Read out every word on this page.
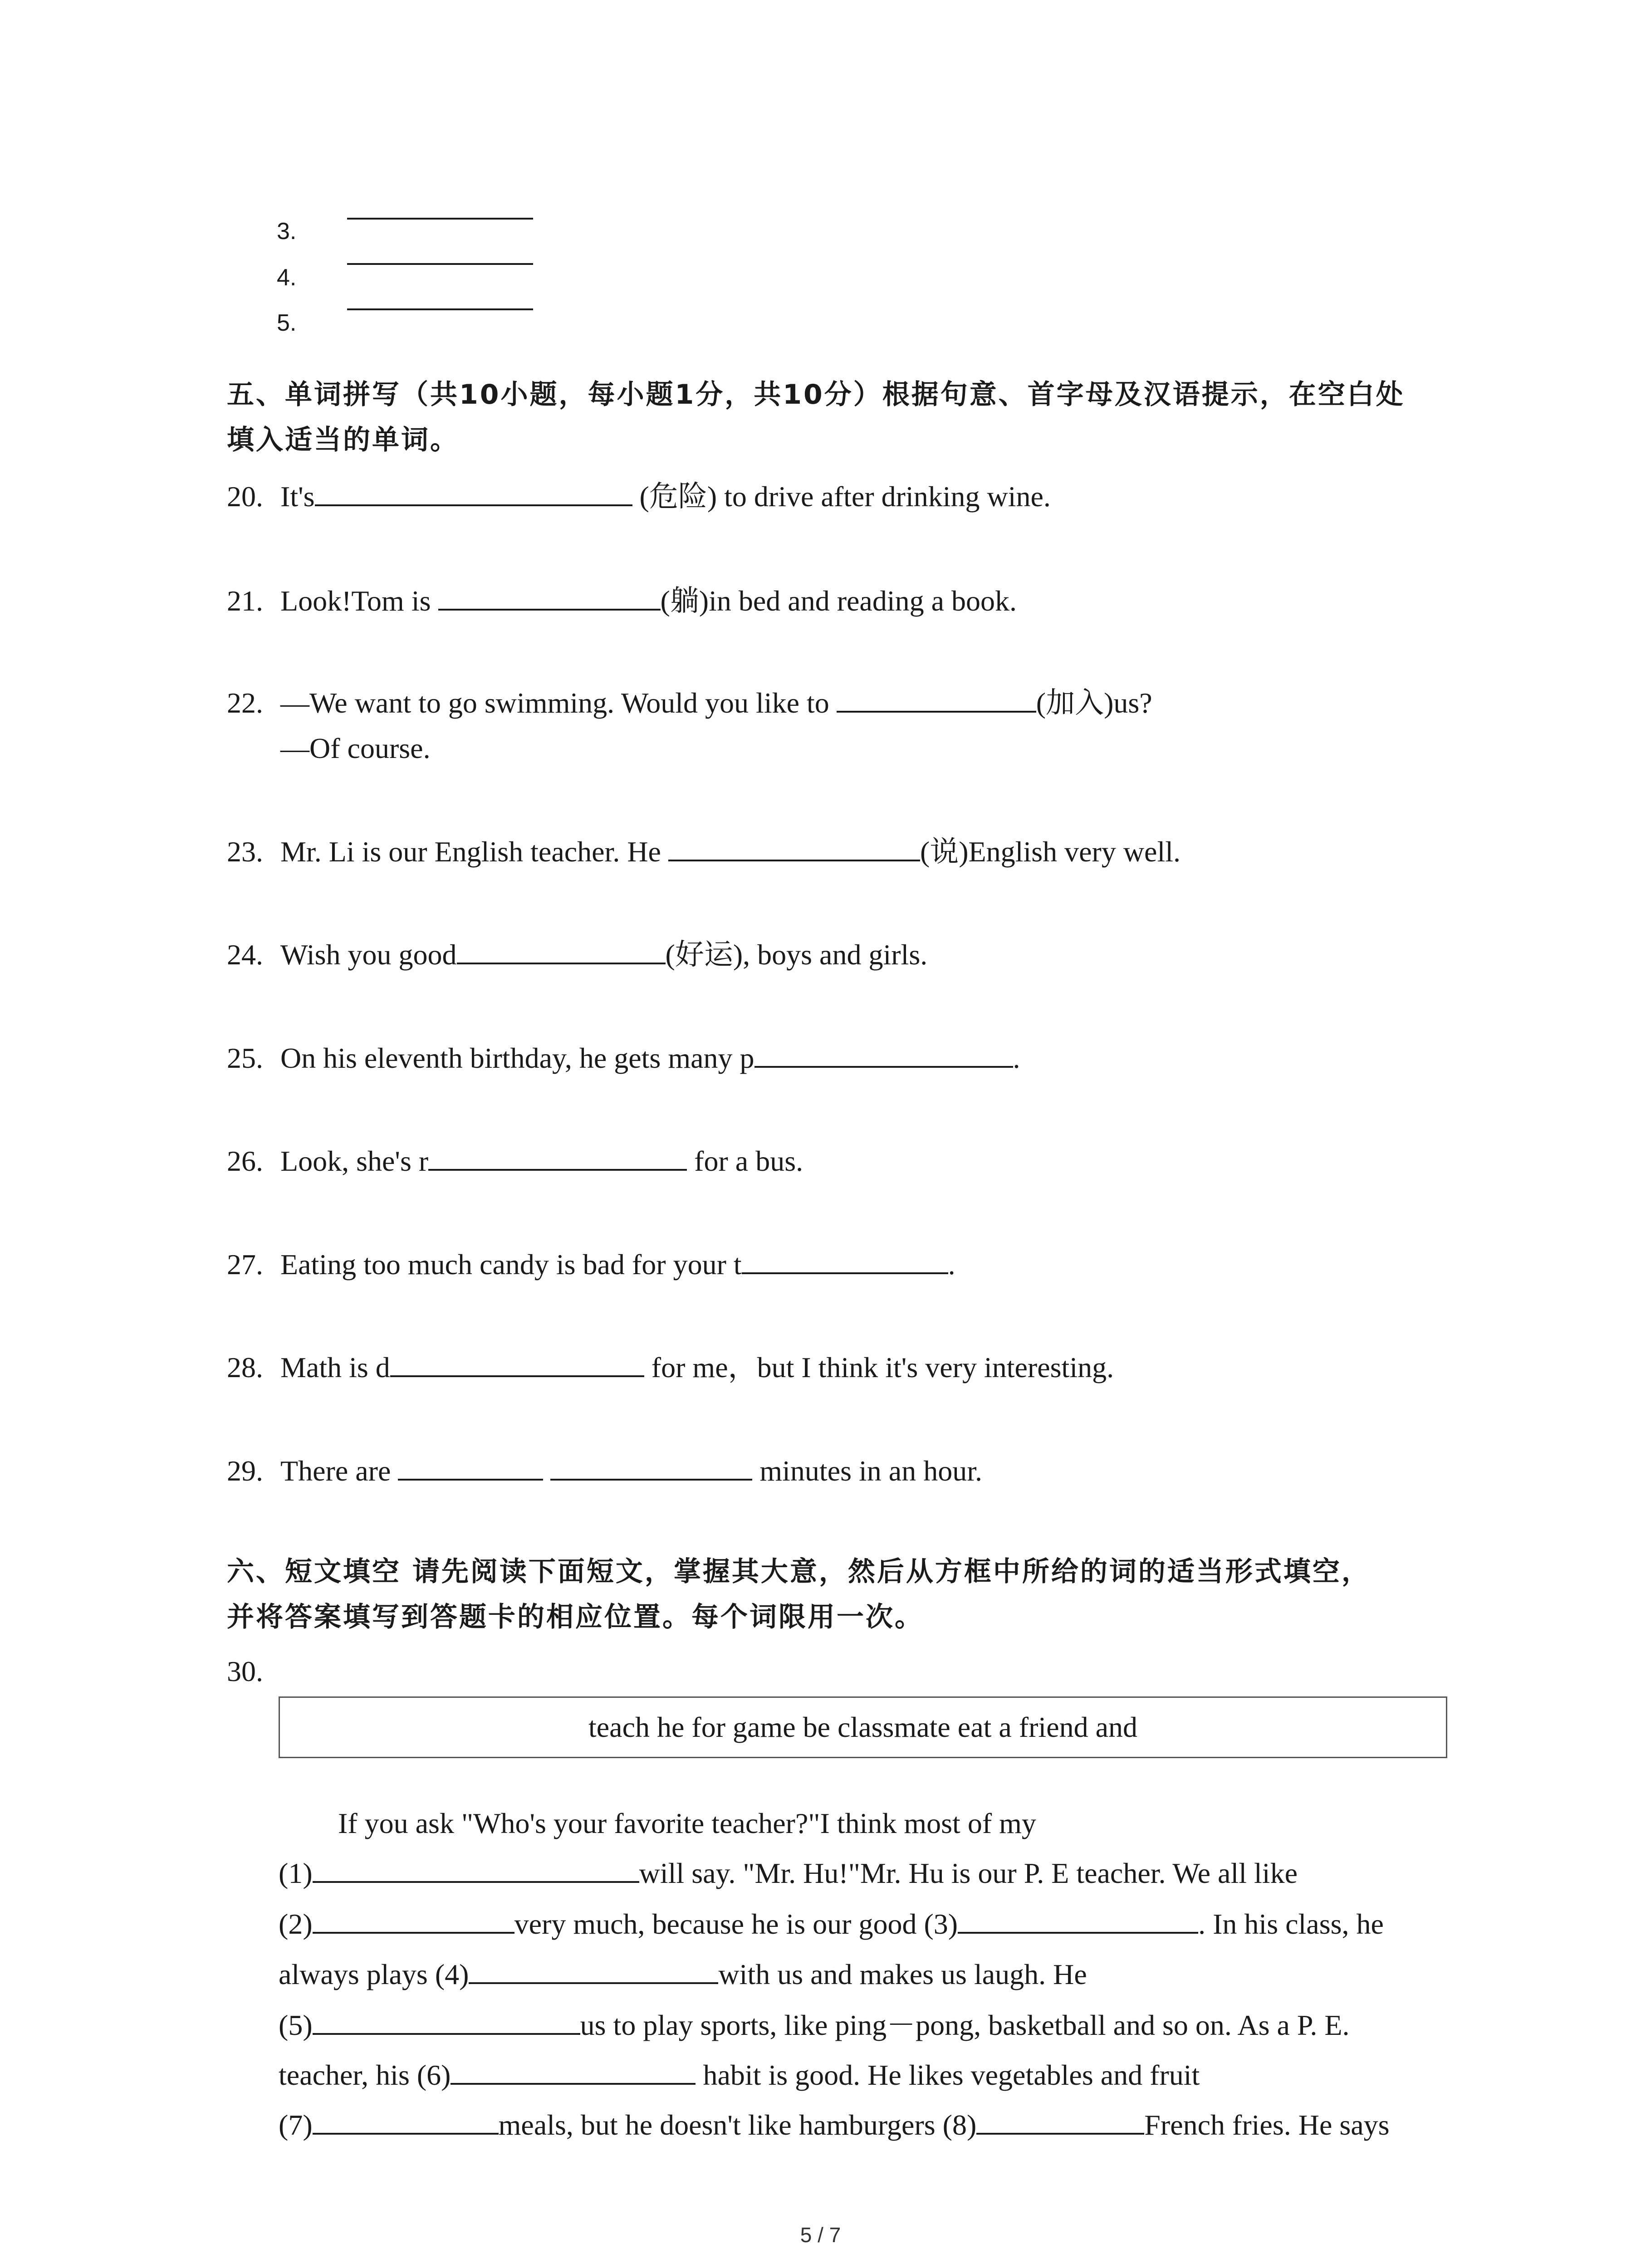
3.
4.
5.
五、单词拼写（共10小题，每小题1分，共10分）根据句意、首字母及汉语提示，在空白处
填入适当的单词。
20. It's	(危险) to drive after drinking wine.
21. Look!Tom is	(躺)in bed and reading a book.
22. —We want to go swimming. Would you like to	(加入)us?
—Of course.
23. Mr. Li is our English teacher. He	(说)English very well.
24. Wish you good	(好运), boys and girls.
25. On his eleventh birthday, he gets many p	.
26. Look, she's r	for a bus.
27. Eating too much candy is bad for your t	.
28. Math is d	for me，but I think it's very interesting.
29. There are	minutes in an hour.
六、短文填空 请先阅读下面短文，掌握其大意，然后从方框中所给的词的适当形式填空，
并将答案填写到答题卡的相应位置。每个词限用一次。
30.
teach he for game be classmate eat a friend and
If you ask "Who's your favorite teacher?"I think most of my
(1)	will say. "Mr. Hu!"Mr. Hu is our P. E teacher. We all like
(2)	very much, because he is our good (3)	. In his class, he
always plays (4)	with us and makes us laugh. He
(5)	us to play sports, like ping－pong, basketball and so on. As a P. E.
teacher, his (6)	habit is good. He likes vegetables and fruit
(7)	meals, but he doesn't like hamburgers (8)	French fries. He says
5 / 7
